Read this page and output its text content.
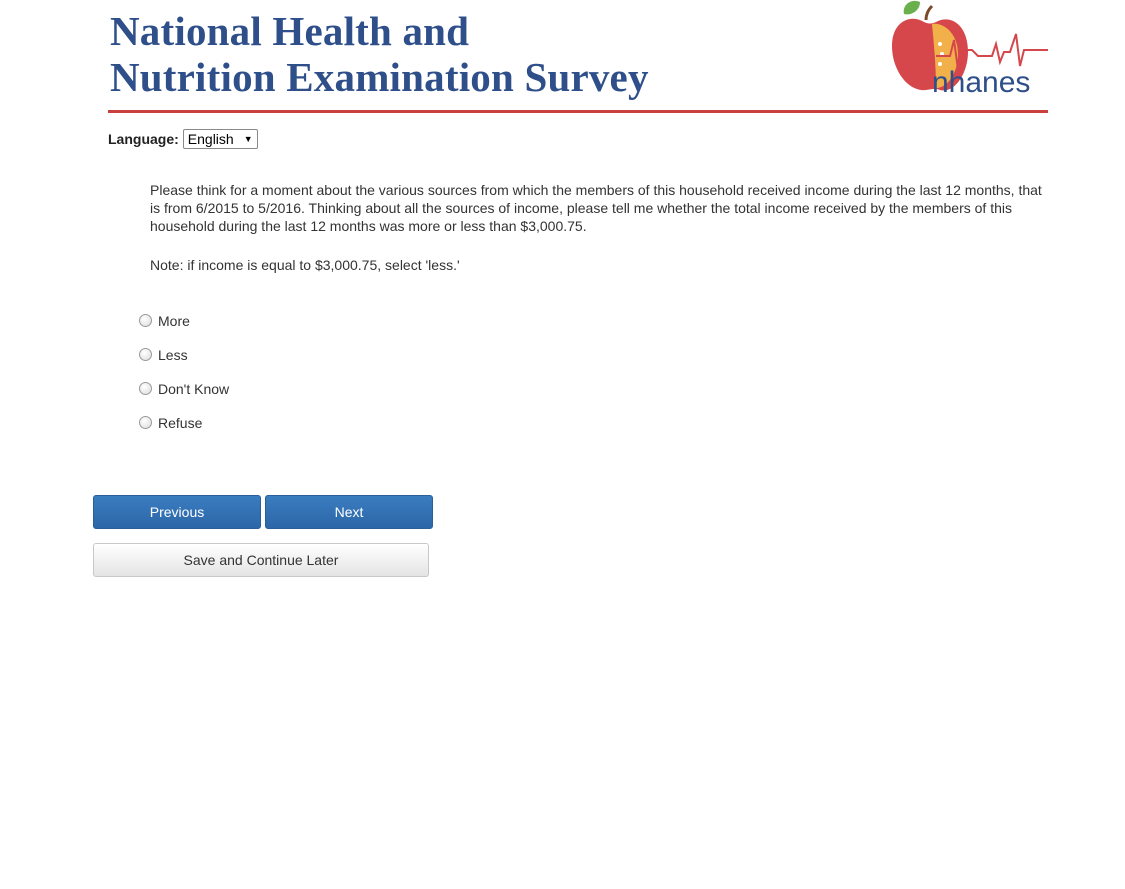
National Health and
Nutrition Examination Survey	nhanes
Language: English ▼

Please think for a moment about the various sources from which the members of this household received income during the last 12 months, that is from 6/2015 to 5/2016. Thinking about all the sources of income, please tell me whether the total income received by the members of this household during the last 12 months was more or less than $3,000.75.

Note: if income is equal to $3,000.75, select 'less.'

More
Less
Don't Know
Refuse
Previous	Next
Save and Continue Later
